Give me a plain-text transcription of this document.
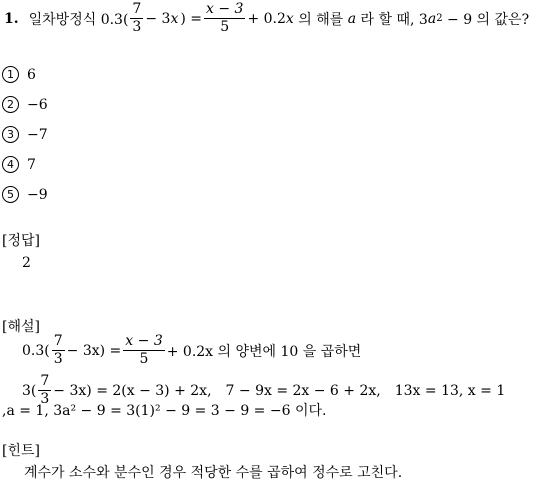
1. 일차방정식 $0.3( \frac{7}{3} - 3$ x ) = $\frac{x - 3}{5} + 0.2$ x 의 해를 a 라 할 때, 3 a 2 − 9 의 값은?
1 6
2 −6
3 −7
4 7
5 −9
[정답]
2
[해설]
$0.3( \frac{7}{3} - 3x) = \frac{x - 3}{5} + 0.2x$ 의 양변에 10 을 곱하면
$3( \frac{7}{3} - 3x) = 2(x - 3) + 2x$, 7 − 9x = 2x − 6 + 2x, 13x = 13, x = 1
,a = 1, 3a² − 9 = 3(1)² − 9 = 3 − 9 = −6 이다.
[힌트]
계수가 소수와 분수인 경우 적당한 수를 곱하여 정수로 고친다.
